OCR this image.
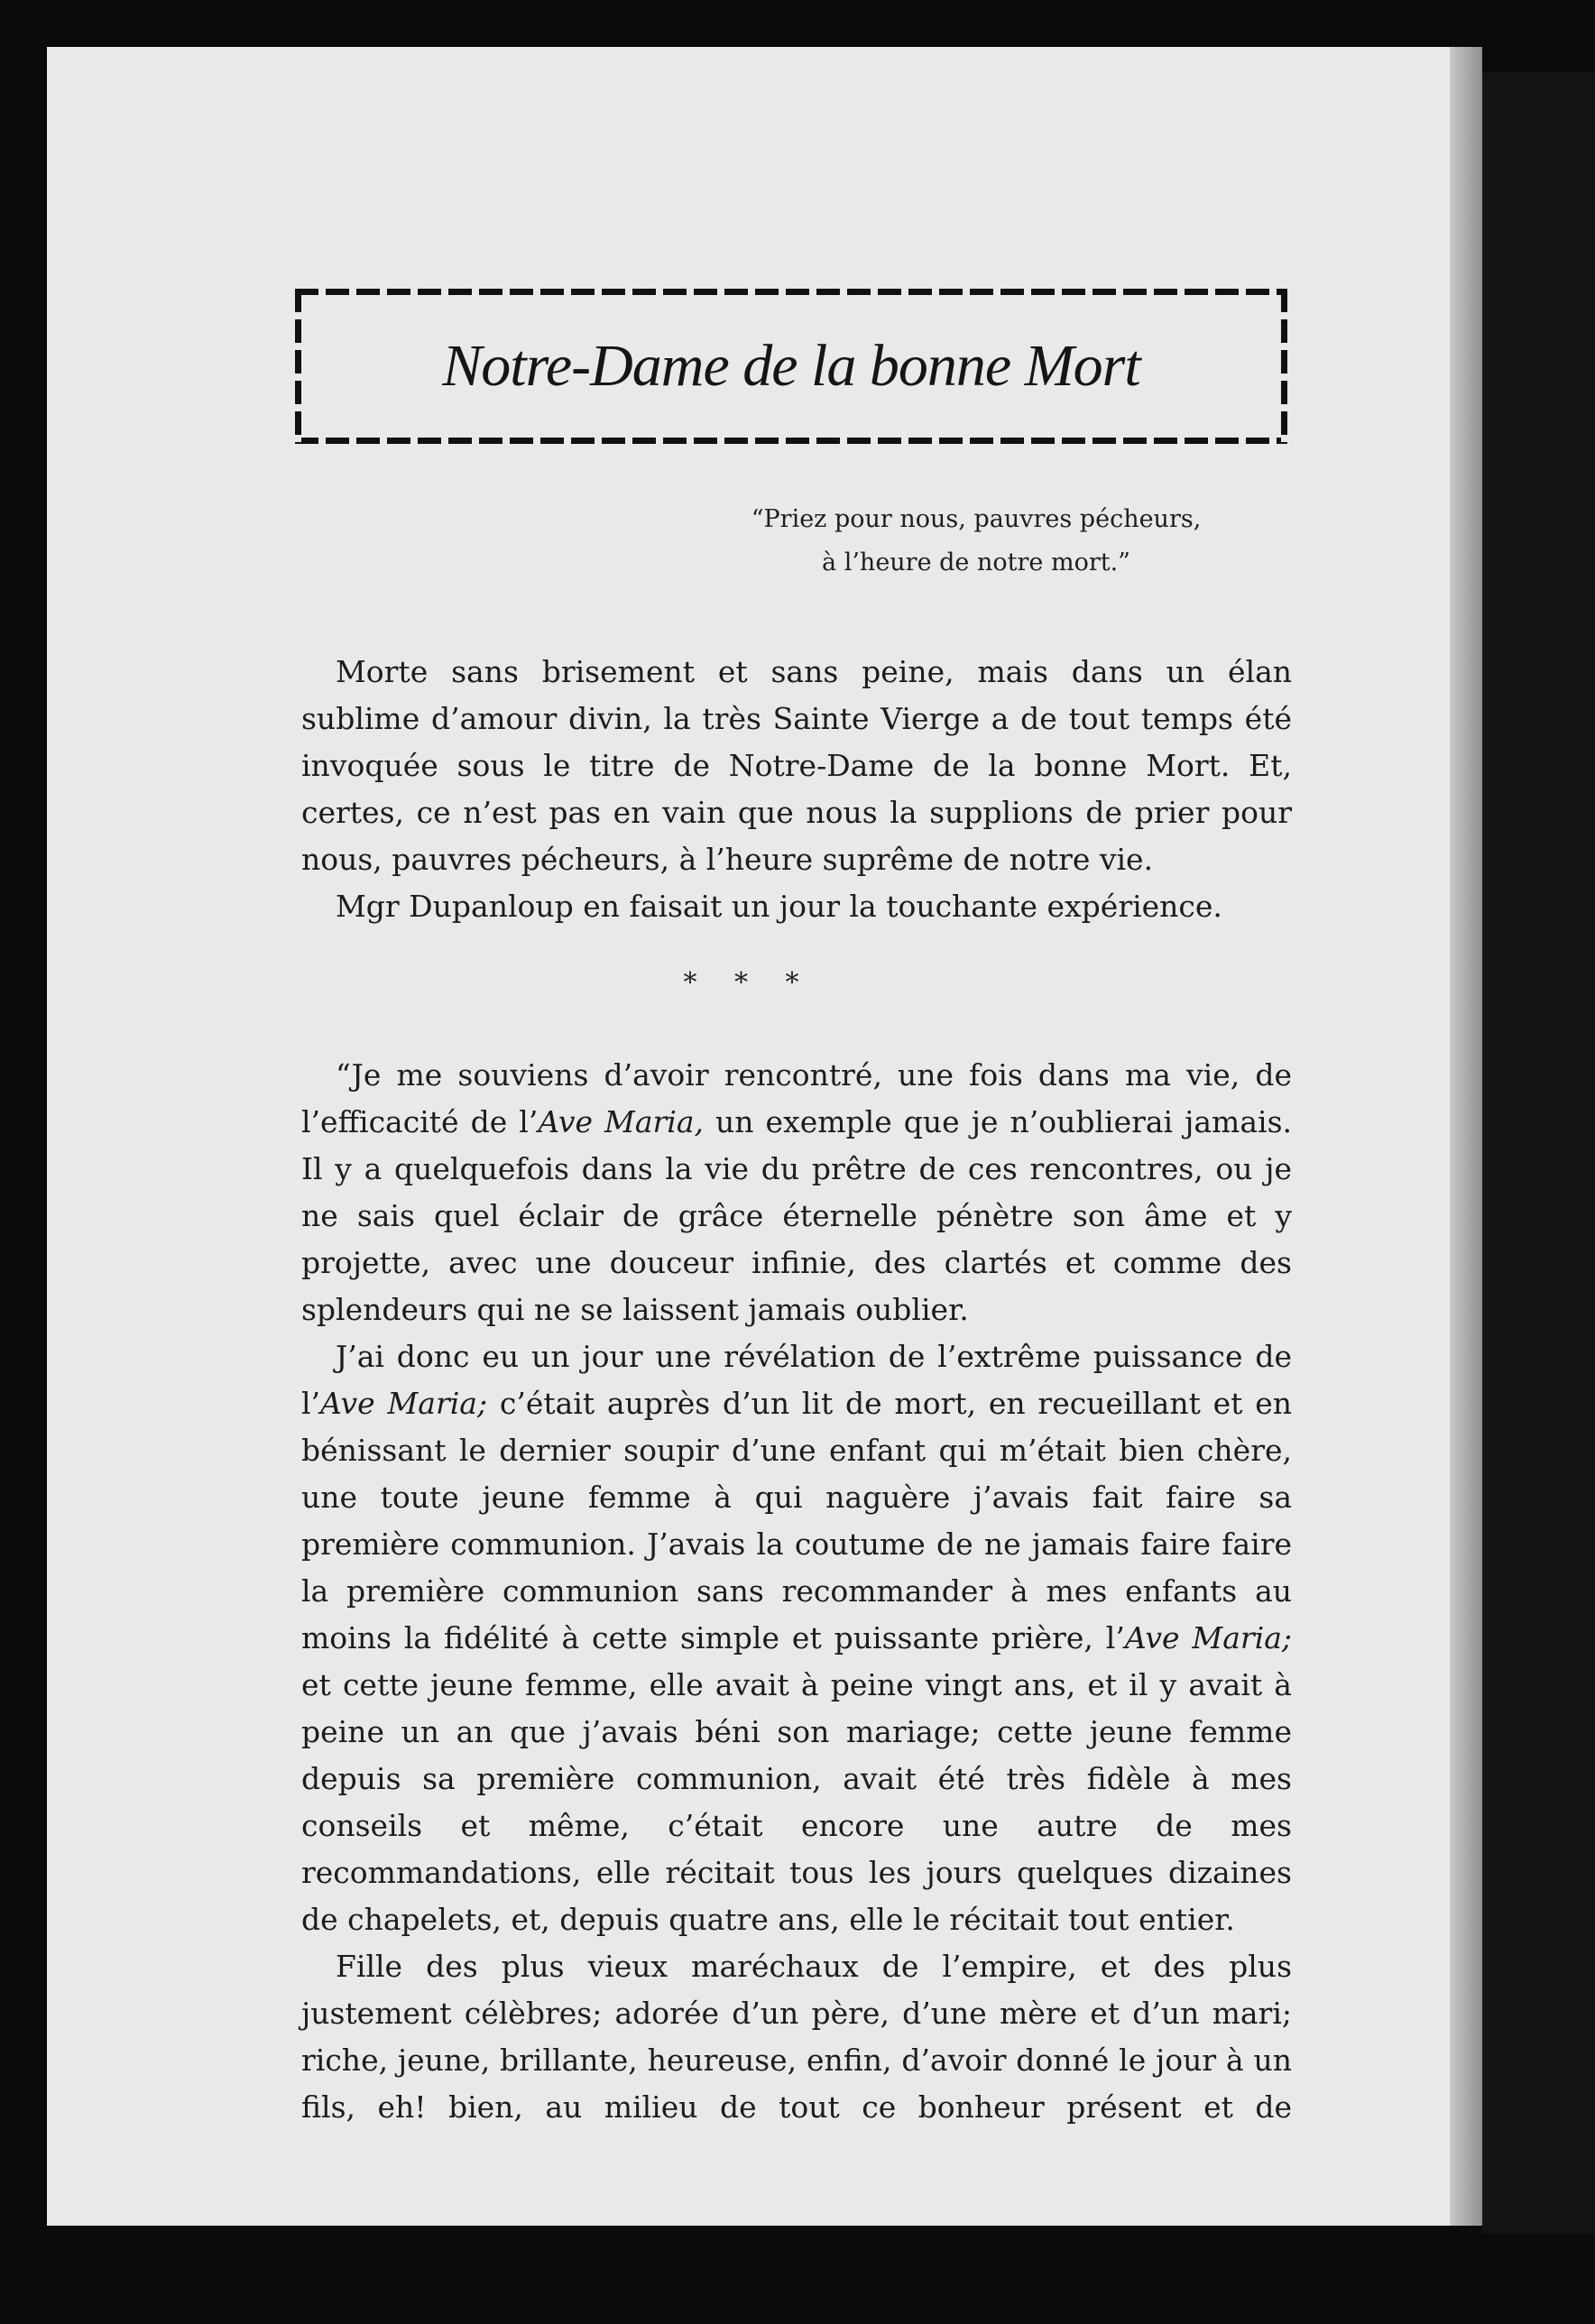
Notre-Dame de la bonne Mort
“Priez pour nous, pauvres pécheurs,
à l’heure de notre mort.”

Morte sans brisement et sans peine, mais dans un élan sublime d’amour divin, la très Sainte Vierge a de tout temps été invoquée sous le titre de Notre-Dame de la bonne Mort. Et, certes, ce n’est pas en vain que nous la supplions de prier pour nous, pauvres pécheurs, à l’heure suprême de notre vie.

Mgr Dupanloup en faisait un jour la touchante expérience.

* * *

“Je me souviens d’avoir rencontré, une fois dans ma vie, de l’efficacité de l’Ave Maria, un exemple que je n’oublierai jamais. Il y a quelquefois dans la vie du prêtre de ces rencontres, ou je ne sais quel éclair de grâce éternelle pénètre son âme et y projette, avec une douceur infinie, des clartés et comme des splendeurs qui ne se laissent jamais oublier.

J’ai donc eu un jour une révélation de l’extrême puissance de l’Ave Maria; c’était auprès d’un lit de mort, en recueillant et en bénissant le dernier soupir d’une enfant qui m’était bien chère, une toute jeune femme à qui naguère j’avais fait faire sa première communion. J’avais la coutume de ne jamais faire faire la première communion sans recommander à mes enfants au moins la fidélité à cette simple et puissante prière, l’Ave Maria; et cette jeune femme, elle avait à peine vingt ans, et il y avait à peine un an que j’avais béni son mariage; cette jeune femme depuis sa première communion, avait été très fidèle à mes conseils et même, c’était encore une autre de mes recommandations, elle récitait tous les jours quelques dizaines de chapelets, et, depuis quatre ans, elle le récitait tout entier.

Fille des plus vieux maréchaux de l’empire, et des plus justement célèbres; adorée d’un père, d’une mère et d’un mari; riche, jeune, brillante, heureuse, enfin, d’avoir donné le jour à un fils, eh! bien, au milieu de tout ce bonheur présent et de
